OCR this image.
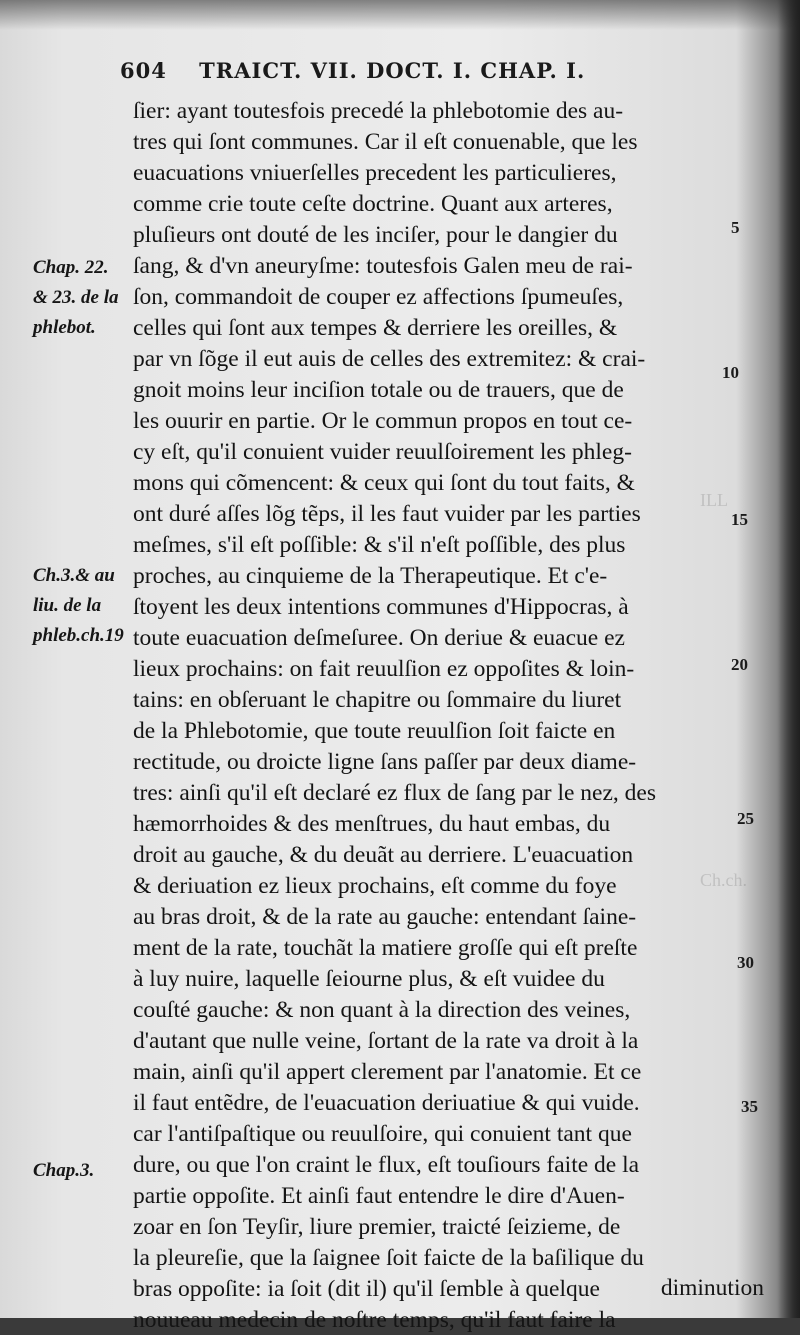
ILL
Ch.ch.
604 TRAICT. VII. DOCT. I. CHAP. I.
ſier: ayant toutesfois precedé la phlebotomie des au-
tres qui ſont communes. Car il eſt conuenable, que les
euacuations vniuerſelles precedent les particulieres,
comme crie toute ceſte doctrine. Quant aux arteres,
pluſieurs ont douté de les inciſer, pour le dangier du
ſang, & d'vn aneuryſme: toutesfois Galen meu de rai-
ſon, commandoit de couper ez affections ſpumeuſes,
celles qui ſont aux tempes & derriere les oreilles, &
par vn ſõge il eut auis de celles des extremitez: & crai-
gnoit moins leur inciſion totale ou de trauers, que de
les ouurir en partie. Or le commun propos en tout ce-
cy eſt, qu'il conuient vuider reuulſoirement les phleg-
mons qui cõmencent: & ceux qui ſont du tout faits, &
ont duré aſſes lõg tẽps, il les faut vuider par les parties
meſmes, s'il eſt poſſible: & s'il n'eſt poſſible, des plus
proches, au cinquieme de la Therapeutique. Et c'e-
ſtoyent les deux intentions communes d'Hippocras, à
toute euacuation deſmeſuree. On deriue & euacue ez
lieux prochains: on fait reuulſion ez oppoſites & loin-
tains: en obſeruant le chapitre ou ſommaire du liuret
de la Phlebotomie, que toute reuulſion ſoit faicte en
rectitude, ou droicte ligne ſans paſſer par deux diame-
tres: ainſi qu'il eſt declaré ez flux de ſang par le nez, des
hæmorrhoides & des menſtrues, du haut embas, du
droit au gauche, & du deuãt au derriere. L'euacuation
& deriuation ez lieux prochains, eſt comme du foye
au bras droit, & de la rate au gauche: entendant ſaine-
ment de la rate, touchãt la matiere groſſe qui eſt preſte
à luy nuire, laquelle ſeiourne plus, & eſt vuidee du
couſté gauche: & non quant à la direction des veines,
d'autant que nulle veine, ſortant de la rate va droit à la
main, ainſi qu'il appert clerement par l'anatomie. Et ce
il faut entẽdre, de l'euacuation deriuatiue & qui vuide.
car l'antiſpaſtique ou reuulſoire, qui conuient tant que
dure, ou que l'on craint le flux, eſt touſiours faite de la
partie oppoſite. Et ainſi faut entendre le dire d'Auen-
zoar en ſon Teyſir, liure premier, traicté ſeizieme, de
la pleureſie, que la ſaignee ſoit faicte de la baſilique du
bras oppoſite: ia ſoit (dit il) qu'il ſemble à quelque
nouueau medecin de noſtre temps, qu'il faut faire la
Chap. 22.
& 23. de la
phlebot.
Ch.3.& au
liu. de la
phleb.ch.19
Chap.3.
5
10
15
20
25
30
35
diminution
